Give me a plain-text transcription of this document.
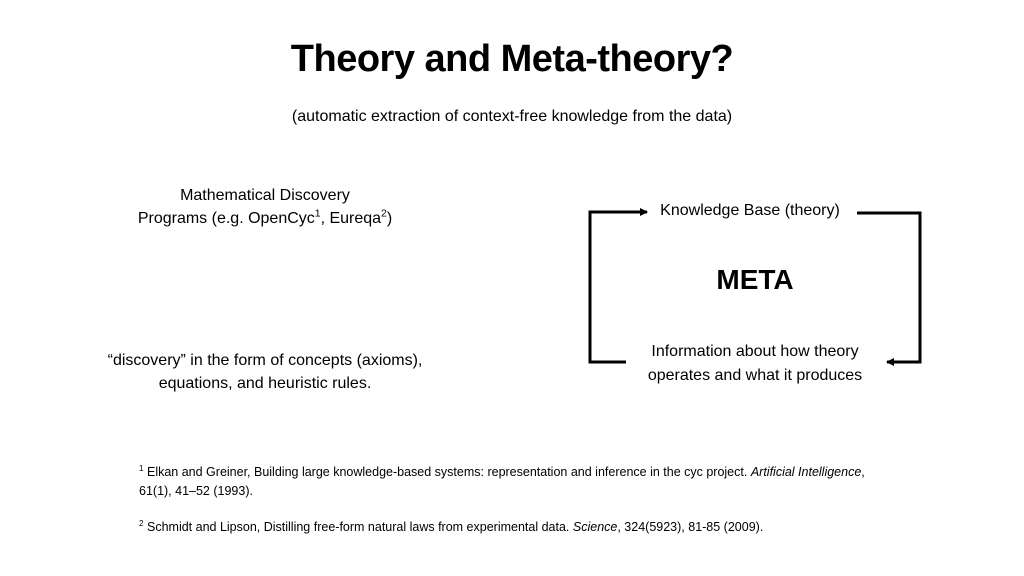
Theory and Meta-theory?
(automatic extraction of context-free knowledge from the data)
Mathematical Discovery
Programs (e.g. OpenCyc$^1$, Eureqa$^2$)
“discovery” in the form of concepts (axioms),
equations, and heuristic rules.
Knowledge Base (theory)
META
Information about how theory
operates and what it produces

$^1$ Elkan and Greiner, Building large knowledge-based systems: representation and inference in the cyc project. Artificial Intelligence, 61(1), 41–52 (1993).

$^2$ Schmidt and Lipson, Distilling free-form natural laws from experimental data. Science, 324(5923), 81-85 (2009).
